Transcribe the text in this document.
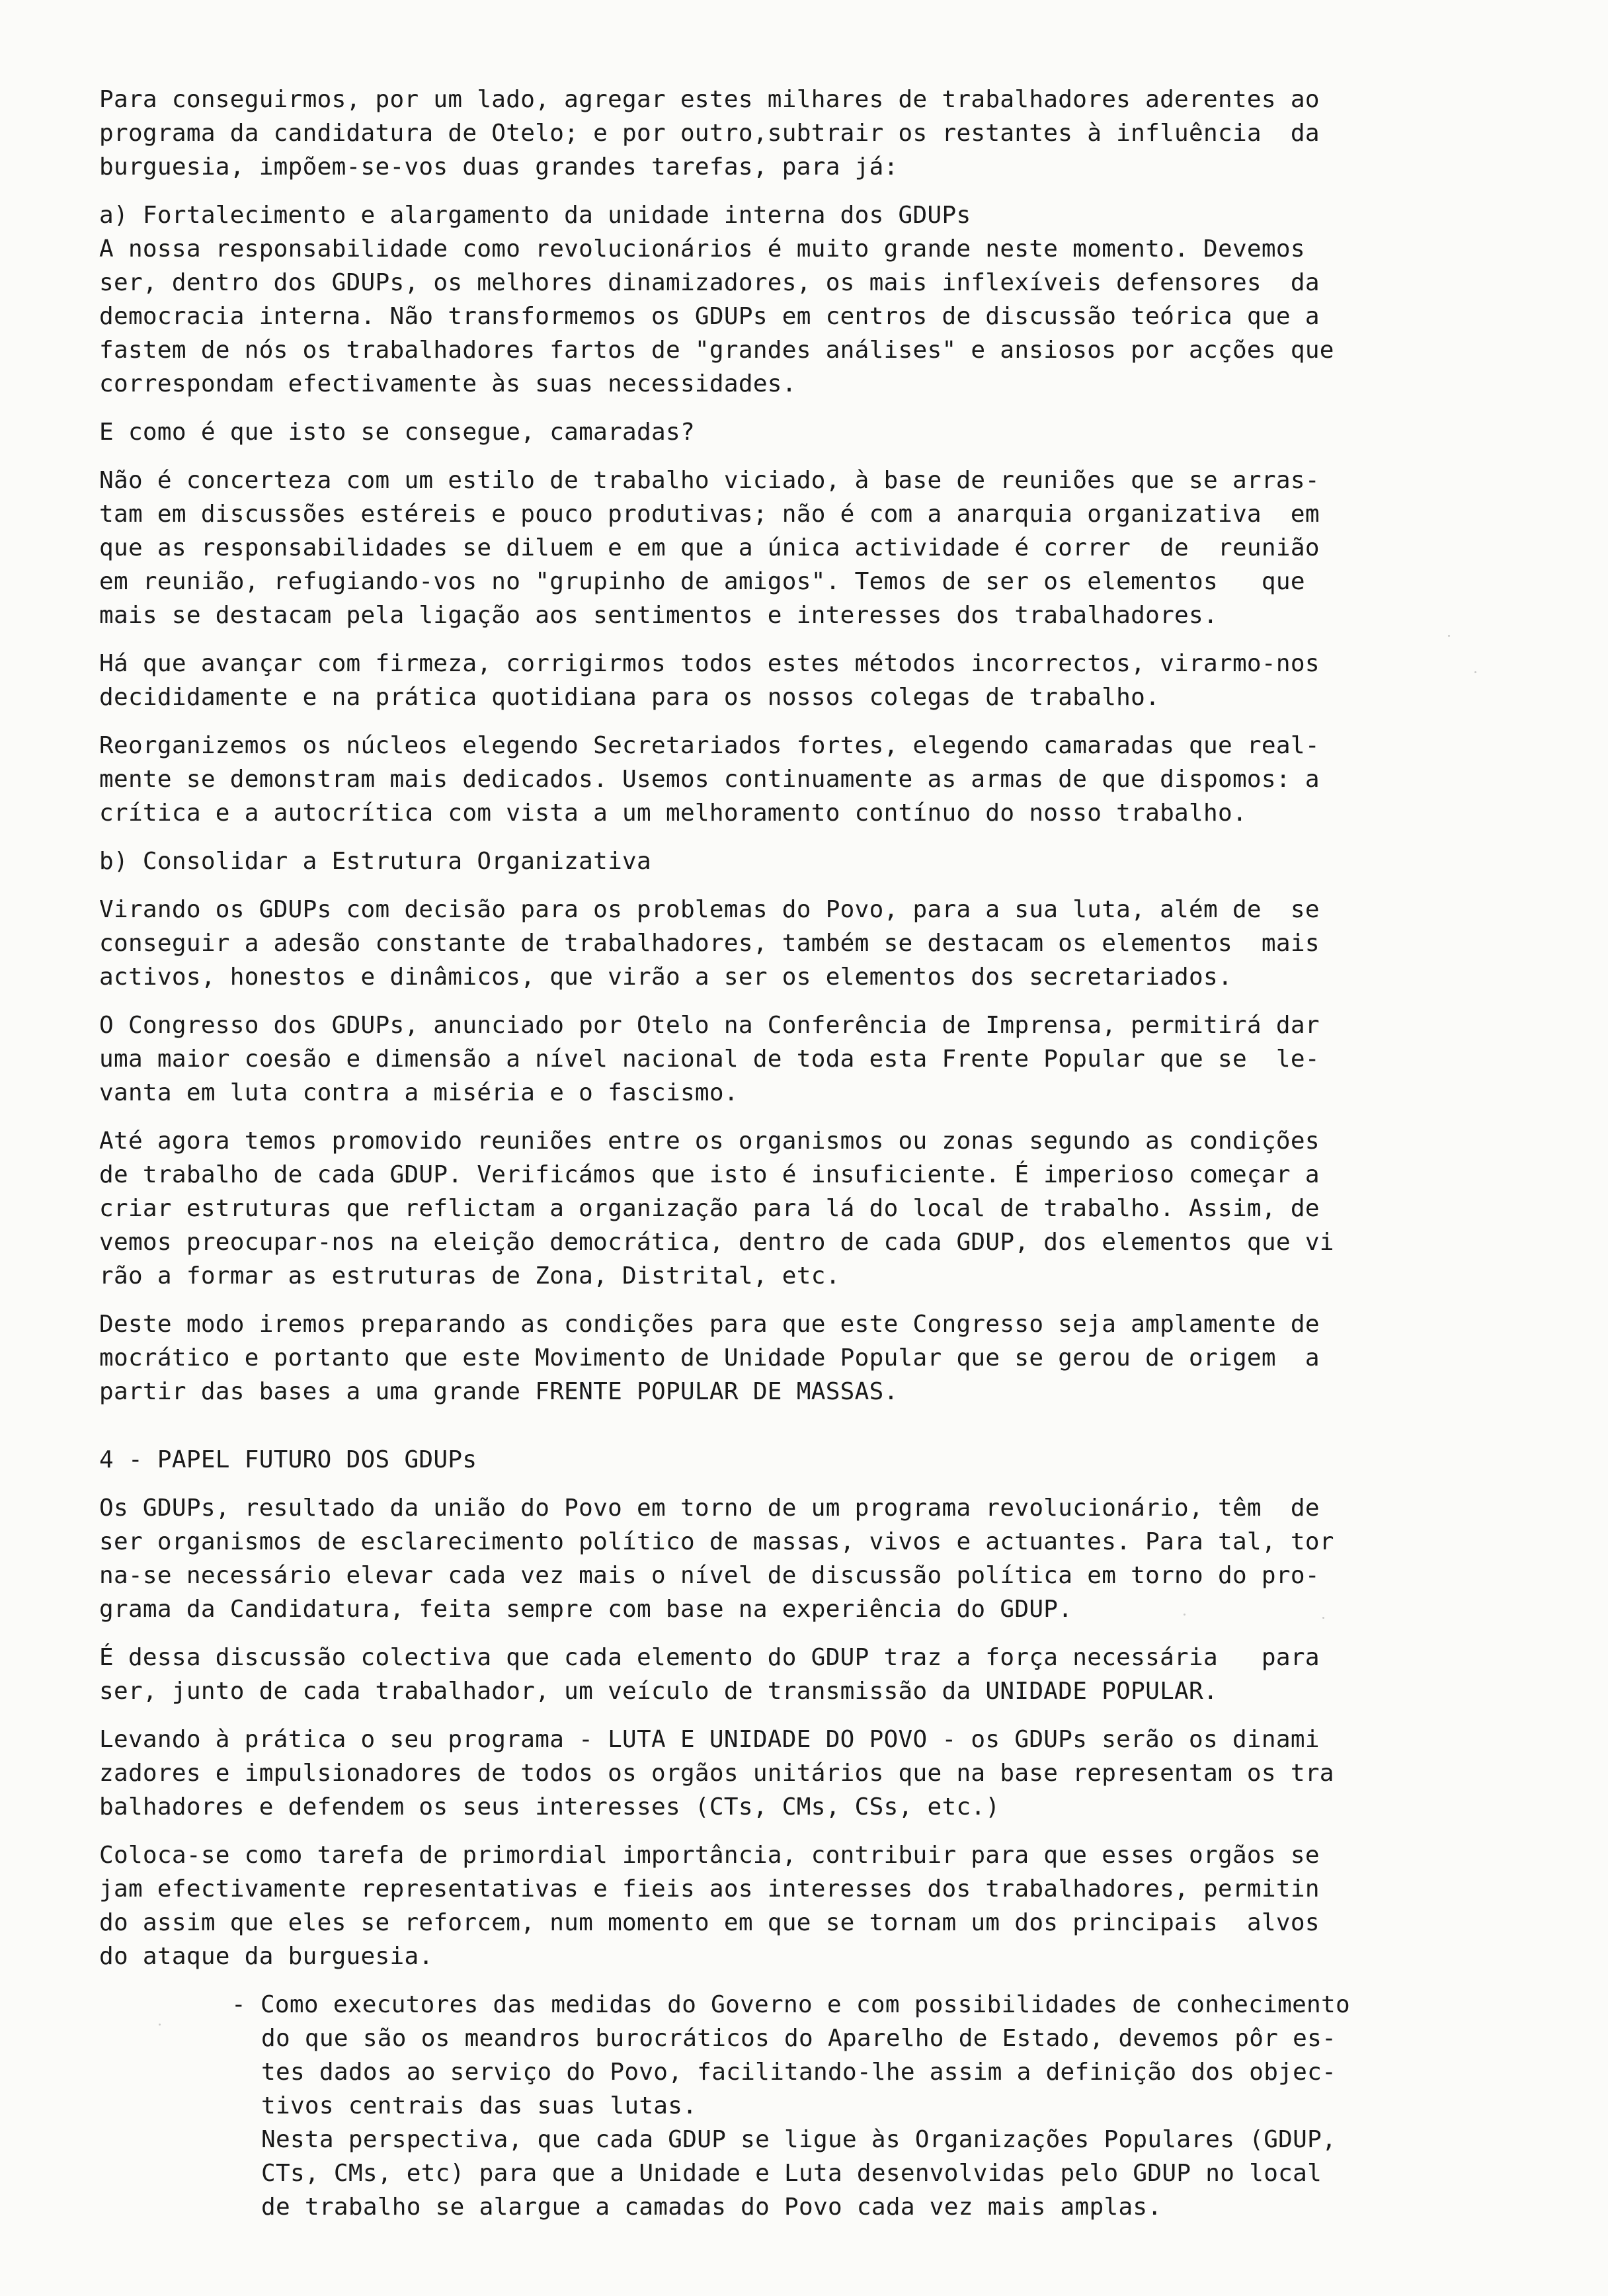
Para conseguirmos, por um lado, agregar estes milhares de trabalhadores aderentes ao
programa da candidatura de Otelo; e por outro,subtrair os restantes à influência  da
burguesia, impõem-se-vos duas grandes tarefas, para já:
a) Fortalecimento e alargamento da unidade interna dos GDUPs
A nossa responsabilidade como revolucionários é muito grande neste momento. Devemos
ser, dentro dos GDUPs, os melhores dinamizadores, os mais inflexíveis defensores  da
democracia interna. Não transformemos os GDUPs em centros de discussão teórica que a
fastem de nós os trabalhadores fartos de "grandes análises" e ansiosos por acções que
correspondam efectivamente às suas necessidades.
E como é que isto se consegue, camaradas?
Não é concerteza com um estilo de trabalho viciado, à base de reuniões que se arras-
tam em discussões estéreis e pouco produtivas; não é com a anarquia organizativa  em
que as responsabilidades se diluem e em que a única actividade é correr  de  reunião
em reunião, refugiando-vos no "grupinho de amigos". Temos de ser os elementos   que
mais se destacam pela ligação aos sentimentos e interesses dos trabalhadores.
Há que avançar com firmeza, corrigirmos todos estes métodos incorrectos, virarmo-nos
decididamente e na prática quotidiana para os nossos colegas de trabalho.
Reorganizemos os núcleos elegendo Secretariados fortes, elegendo camaradas que real-
mente se demonstram mais dedicados. Usemos continuamente as armas de que dispomos: a
crítica e a autocrítica com vista a um melhoramento contínuo do nosso trabalho.
b) Consolidar a Estrutura Organizativa
Virando os GDUPs com decisão para os problemas do Povo, para a sua luta, além de  se
conseguir a adesão constante de trabalhadores, também se destacam os elementos  mais
activos, honestos e dinâmicos, que virão a ser os elementos dos secretariados.
O Congresso dos GDUPs, anunciado por Otelo na Conferência de Imprensa, permitirá dar
uma maior coesão e dimensão a nível nacional de toda esta Frente Popular que se  le-
vanta em luta contra a miséria e o fascismo.
Até agora temos promovido reuniões entre os organismos ou zonas segundo as condições
de trabalho de cada GDUP. Verificámos que isto é insuficiente. É imperioso começar a
criar estruturas que reflictam a organização para lá do local de trabalho. Assim, de
vemos preocupar-nos na eleição democrática, dentro de cada GDUP, dos elementos que vi
rão a formar as estruturas de Zona, Distrital, etc.
Deste modo iremos preparando as condições para que este Congresso seja amplamente de
mocrático e portanto que este Movimento de Unidade Popular que se gerou de origem  a
partir das bases a uma grande FRENTE POPULAR DE MASSAS.
4 - PAPEL FUTURO DOS GDUPs
Os GDUPs, resultado da união do Povo em torno de um programa revolucionário, têm  de
ser organismos de esclarecimento político de massas, vivos e actuantes. Para tal, tor
na-se necessário elevar cada vez mais o nível de discussão política em torno do pro-
grama da Candidatura, feita sempre com base na experiência do GDUP.
É dessa discussão colectiva que cada elemento do GDUP traz a força necessária   para
ser, junto de cada trabalhador, um veículo de transmissão da UNIDADE POPULAR.
Levando à prática o seu programa - LUTA E UNIDADE DO POVO - os GDUPs serão os dinami
zadores e impulsionadores de todos os orgãos unitários que na base representam os tra
balhadores e defendem os seus interesses (CTs, CMs, CSs, etc.)
Coloca-se como tarefa de primordial importância, contribuir para que esses orgãos se
jam efectivamente representativas e fieis aos interesses dos trabalhadores, permitin
do assim que eles se reforcem, num momento em que se tornam um dos principais  alvos
do ataque da burguesia.
- Como executores das medidas do Governo e com possibilidades de conhecimento
do que são os meandros burocráticos do Aparelho de Estado, devemos pôr es-
tes dados ao serviço do Povo, facilitando-lhe assim a definição dos objec-
tivos centrais das suas lutas.
Nesta perspectiva, que cada GDUP se ligue às Organizações Populares (GDUP,
CTs, CMs, etc) para que a Unidade e Luta desenvolvidas pelo GDUP no local
de trabalho se alargue a camadas do Povo cada vez mais amplas.
